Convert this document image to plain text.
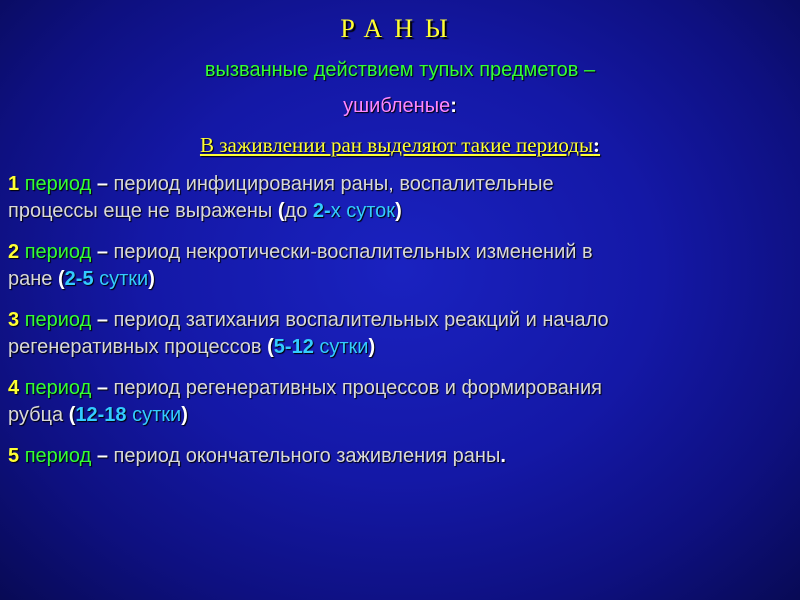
РАНЫ
вызванные действием тупых предметов –
ушибленые:
В заживлении ран выделяют такие периоды:
1 период – период инфицирования раны, воспалительные
процессы еще не выражены (до 2-х суток)
2 период – период некротически-воспалительных изменений в
ране (2-5 сутки)
3 период – период затихания воспалительных реакций и начало
регенеративных процессов (5-12 сутки)
4 период – период регенеративных процессов и формирования
рубца (12-18 сутки)
5 период – период окончательного заживления раны.
